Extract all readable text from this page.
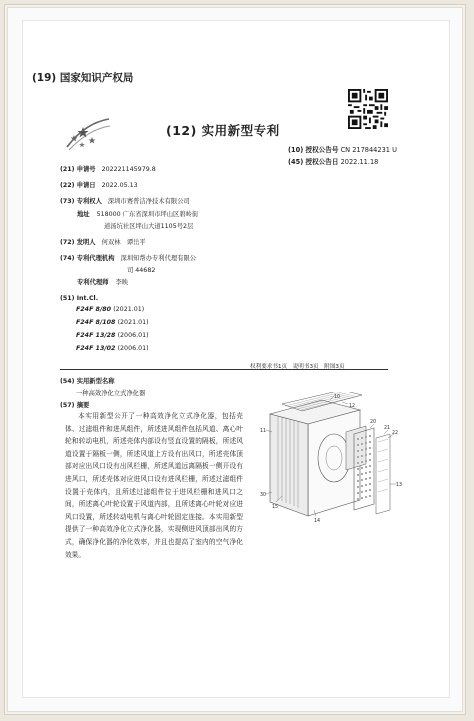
(19) 国家知识产权局
(12) 实用新型专利
(10) 授权公告号 CN 217844231 U
(45) 授权公告日 2022.11.18
(21) 申请号 202221145979.8
(22) 申请日 2022.05.13
(73) 专利权人 深圳市赛普洁净技术有限公司
地址 518000 广东省深圳市坪山区碧岭街
道汤坑社区坪山大道1105号2层
(72) 发明人 何双林　谭岳平
(74) 专利代理机构 深圳知帮办专利代理有限公
司 44682
专利代理师 李映
(51) Int.Cl.
F24F 8/80 (2021.01)
F24F 8/108 (2021.01)
F24F 13/28 (2006.01)
F24F 13/02 (2006.01)
权利要求书1页　说明书3页　附图3页
(54) 实用新型名称
一种高效净化立式净化器
(57) 摘要
本实用新型公开了一种高效净化立式净化器，包括壳体、过滤组件和进风组件，所述进风组件包括风道、离心叶轮和转动电机，所述壳体内部设有竖直设置的隔板，所述风道设置于隔板一侧，所述风道上方设有出风口，所述壳体顶部对应出风口设有出风栏栅，所述风道远离隔板一侧开设有进风口，所述壳体对应进风口设有进风栏栅，所述过滤组件设置于壳体内，且所述过滤组件位于进风栏栅和进风口之间，所述离心叶轮设置于风道内部，且所述离心叶轮对应进风口设置，所述转动电机与离心叶轮固定连接。本实用新型提供了一种高效净化立式净化器，实现侧进风顶部出风的方式，确保净化器的净化效率，并且也提高了室内的空气净化效果。
10
12
20
21
22
11
13
30
14
15
